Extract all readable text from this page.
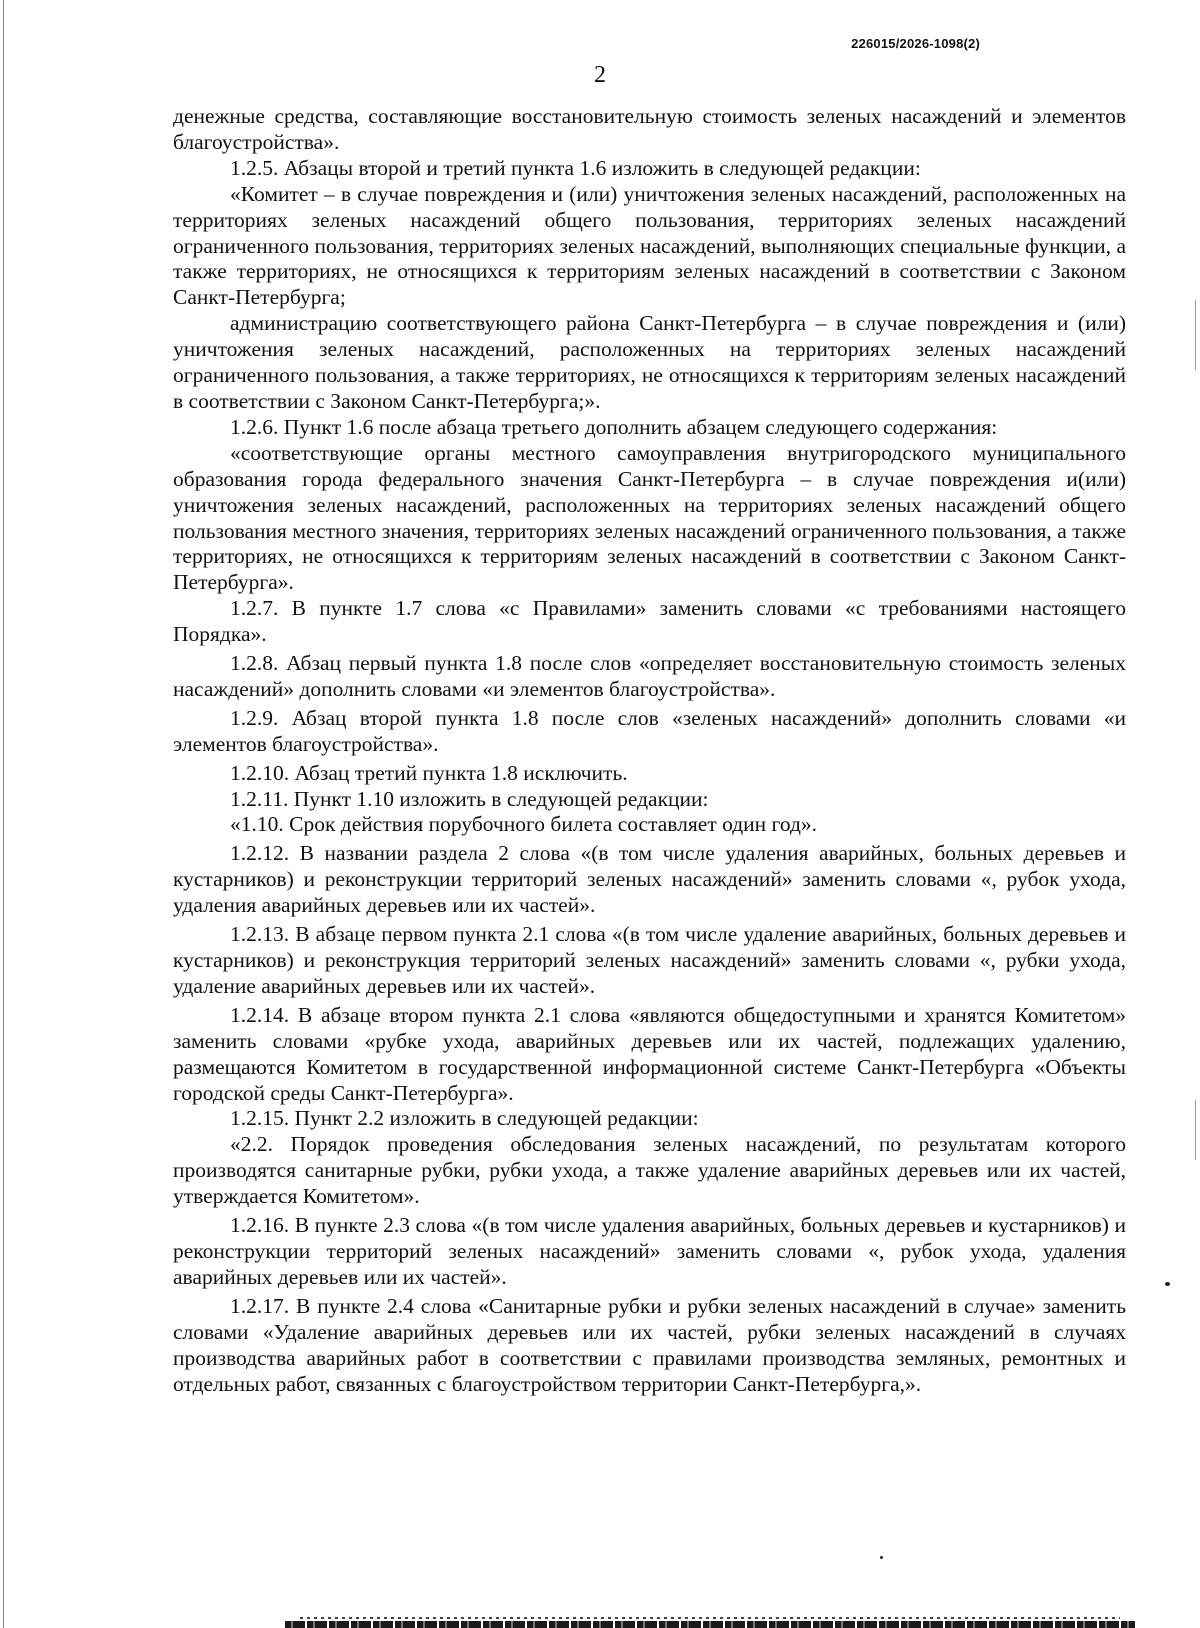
226015/2026-1098(2)
2

денежные средства, составляющие восстановительную стоимость зеленых насаждений и элементов благоустройства».

1.2.5. Абзацы второй и третий пункта 1.6 изложить в следующей редакции:

«Комитет – в случае повреждения и (или) уничтожения зеленых насаждений, расположенных на территориях зеленых насаждений общего пользования, территориях зеленых насаждений ограниченного пользования, территориях зеленых насаждений, выполняющих специальные функции, а также территориях, не относящихся к территориям зеленых насаждений в соответствии с Законом Санкт-Петербурга;

администрацию соответствующего района Санкт-Петербурга – в случае повреждения и (или) уничтожения зеленых насаждений, расположенных на территориях зеленых насаждений ограниченного пользования, а также территориях, не относящихся к территориям зеленых насаждений в соответствии с Законом Санкт-Петербурга;».

1.2.6. Пункт 1.6 после абзаца третьего дополнить абзацем следующего содержания:

«соответствующие органы местного самоуправления внутригородского муниципального образования города федерального значения Санкт-Петербурга – в случае повреждения и(или) уничтожения зеленых насаждений, расположенных на территориях зеленых насаждений общего пользования местного значения, территориях зеленых насаждений ограниченного пользования, а также территориях, не относящихся к территориям зеленых насаждений в соответствии с Законом Санкт-Петербурга».

1.2.7. В пункте 1.7 слова «с Правилами» заменить словами «с требованиями настоящего Порядка».

1.2.8. Абзац первый пункта 1.8 после слов «определяет восстановительную стоимость зеленых насаждений» дополнить словами «и элементов благоустройства».

1.2.9. Абзац второй пункта 1.8 после слов «зеленых насаждений» дополнить словами «и элементов благоустройства».

1.2.10. Абзац третий пункта 1.8 исключить.

1.2.11. Пункт 1.10 изложить в следующей редакции:

«1.10. Срок действия порубочного билета составляет один год».

1.2.12. В названии раздела 2 слова «(в том числе удаления аварийных, больных деревьев и кустарников) и реконструкции территорий зеленых насаждений» заменить словами «, рубок ухода, удаления аварийных деревьев или их частей».

1.2.13. В абзаце первом пункта 2.1 слова «(в том числе удаление аварийных, больных деревьев и кустарников) и реконструкция территорий зеленых насаждений» заменить словами «, рубки ухода, удаление аварийных деревьев или их частей».

1.2.14. В абзаце втором пункта 2.1 слова «являются общедоступными и хранятся Комитетом» заменить словами «рубке ухода, аварийных деревьев или их частей, подлежащих удалению, размещаются Комитетом в государственной информационной системе Санкт-Петербурга «Объекты городской среды Санкт-Петербурга».

1.2.15. Пункт 2.2 изложить в следующей редакции:

«2.2. Порядок проведения обследования зеленых насаждений, по результатам которого производятся санитарные рубки, рубки ухода, а также удаление аварийных деревьев или их частей, утверждается Комитетом».

1.2.16. В пункте 2.3 слова «(в том числе удаления аварийных, больных деревьев и кустарников) и реконструкции территорий зеленых насаждений» заменить словами «, рубок ухода, удаления аварийных деревьев или их частей».

1.2.17. В пункте 2.4 слова «Санитарные рубки и рубки зеленых насаждений в случае» заменить словами «Удаление аварийных деревьев или их частей, рубки зеленых насаждений в случаях производства аварийных работ в соответствии с правилами производства земляных, ремонтных и отдельных работ, связанных с благоустройством территории Санкт-Петербурга,».
